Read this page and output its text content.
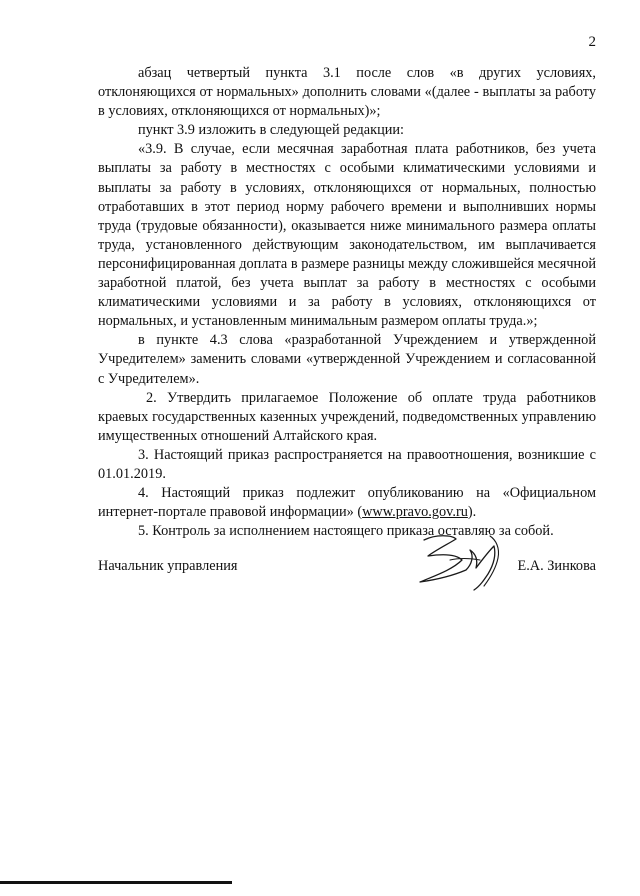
2

абзац четвертый пункта 3.1 после слов «в других условиях, отклоняющихся от нормальных» дополнить словами «(далее - выплаты за работу в условиях, отклоняющихся от нормальных)»;

пункт 3.9 изложить в следующей редакции:

«3.9. В случае, если месячная заработная плата работников, без учета выплаты за работу в местностях с особыми климатическими условиями и выплаты за работу в условиях, отклоняющихся от нормальных, полностью отработавших в этот период норму рабочего времени и выполнивших нормы труда (трудовые обязанности), оказывается ниже минимального размера оплаты труда, установленного действующим законодательством, им выплачивается персонифицированная доплата в размере разницы между сложившейся месячной заработной платой, без учета выплат за работу в местностях с особыми климатическими условиями и за работу в условиях, отклоняющихся от нормальных, и установленным минимальным размером оплаты труда.»;

в пункте 4.3 слова «разработанной Учреждением и утвержденной Учредителем» заменить словами «утвержденной Учреждением и согласованной с Учредителем».

2. Утвердить прилагаемое Положение об оплате труда работников краевых государственных казенных учреждений, подведомственных управлению имущественных отношений Алтайского края.

3. Настоящий приказ распространяется на правоотношения, возникшие с 01.01.2019.

4. Настоящий приказ подлежит опубликованию на «Официальном интернет-портале правовой информации» (www.pravo.gov.ru).

5. Контроль за исполнением настоящего приказа оставляю за собой.

Начальник управления	Е.А. Зинкова
